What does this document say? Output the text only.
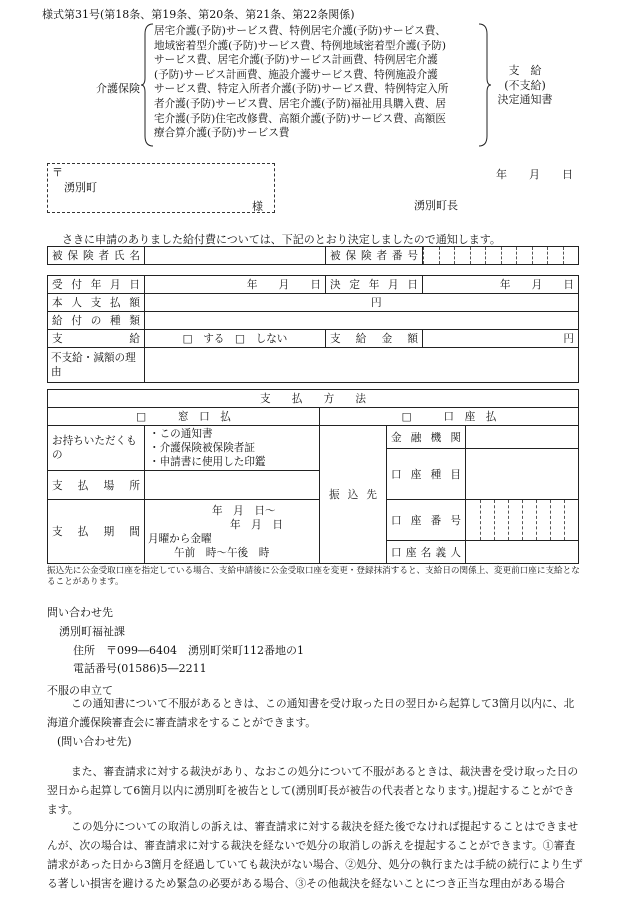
様式第31号(第18条、第19条、第20条、第21条、第22条関係)
介護保険
居宅介護(予防)サービス費、特例居宅介護(予防)サービス費、
地域密着型介護(予防)サービス費、特例地域密着型介護(予防)
サービス費、居宅介護(予防)サービス計画費、特例居宅介護
(予防)サービス計画費、施設介護サービス費、特例施設介護
サービス費、特定入所者介護(予防)サービス費、特例特定入所
者介護(予防)サービス費、居宅介護(予防)福祉用具購入費、居
宅介護(予防)住宅改修費、高額介護(予防)サービス費、高額医
療合算介護(予防)サービス費
支　給
(不支給)
決定通知書
〒
湧別町
様
年　　月　　日
湧別町長
さきに申請のありました給付費については、下記のとおり決定しましたので通知します。
被保険者氏名		被保険者番号

受付年月日	年　　月　　日	決定年月日	年　　月　　日

本人支払額	円		

給付の種類			

支給	□　する　□　しない	支給金額	円
不支給・減額の理由			
支　　払　　方　　法				
□　　　窓　口　払		□　　　口　座　払		
お持ちいただくもの	・この通知書
・介護保険被保険者証
・申請書に使用した印鑑	振込先	金融機関	

			口座種目	

支払場所				

支払期間	年　月　日～
年　月　日
月曜から金曜
午前　時～午後　時		口座番号	

			口座名義人	

振込先に公金受取口座を指定している場合、支給申請後に公金受取口座を変更・登録抹消すると、支給日の関係上、変更前口座に支給となることがあります。
問い合わせ先
湧別町福祉課
住所　〒099―6404　湧別町栄町112番地の1
電話番号(01586)5―2211
不服の申立て
この通知書について不服があるときは、この通知書を受け取った日の翌日から起算して3箇月以内に、北海道介護保険審査会に審査請求をすることができます。
(問い合わせ先)
また、審査請求に対する裁決があり、なおこの処分について不服があるときは、裁決書を受け取った日の翌日から起算して6箇月以内に湧別町を被告として(湧別町長が被告の代表者となります。)提起することができます。
この処分についての取消しの訴えは、審査請求に対する裁決を経た後でなければ提起することはできませんが、次の場合は、審査請求に対する裁決を経ないで処分の取消しの訴えを提起することができます。①審査請求があった日から3箇月を経過していても裁決がない場合、②処分、処分の執行または手続の続行により生ずる著しい損害を避けるため緊急の必要がある場合、③その他裁決を経ないことにつき正当な理由がある場合
